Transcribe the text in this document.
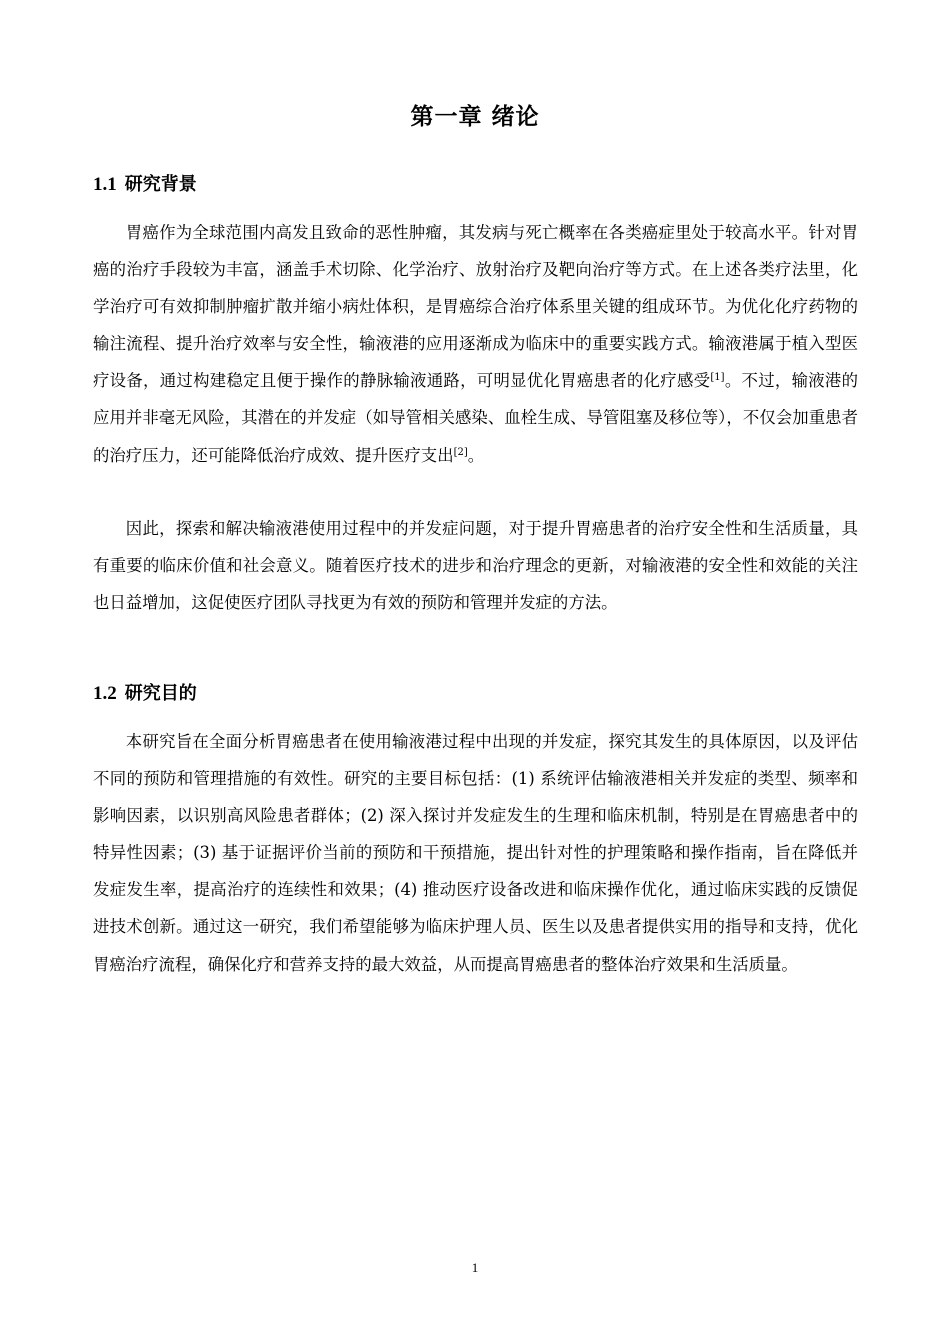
第一章 绪论
1.1 研究背景

胃癌作为全球范围内高发且致命的恶性肿瘤，其发病与死亡概率在各类癌症里处于较高水平。针对胃癌的治疗手段较为丰富，涵盖手术切除、化学治疗、放射治疗及靶向治疗等方式。在上述各类疗法里，化学治疗可有效抑制肿瘤扩散并缩小病灶体积，是胃癌综合治疗体系里关键的组成环节。为优化化疗药物的输注流程、提升治疗效率与安全性，输液港的应用逐渐成为临床中的重要实践方式。输液港属于植入型医疗设备，通过构建稳定且便于操作的静脉输液通路，可明显优化胃癌患者的化疗感受[1]。不过，输液港的应用并非毫无风险，其潜在的并发症（如导管相关感染、血栓生成、导管阻塞及移位等），不仅会加重患者的治疗压力，还可能降低治疗成效、提升医疗支出[2]。

因此，探索和解决输液港使用过程中的并发症问题，对于提升胃癌患者的治疗安全性和生活质量，具有重要的临床价值和社会意义。随着医疗技术的进步和治疗理念的更新，对输液港的安全性和效能的关注也日益增加，这促使医疗团队寻找更为有效的预防和管理并发症的方法。

1.2 研究目的

本研究旨在全面分析胃癌患者在使用输液港过程中出现的并发症，探究其发生的具体原因，以及评估不同的预防和管理措施的有效性。研究的主要目标包括：(1) 系统评估输液港相关并发症的类型、频率和影响因素，以识别高风险患者群体；(2) 深入探讨并发症发生的生理和临床机制，特别是在胃癌患者中的特异性因素；(3) 基于证据评价当前的预防和干预措施，提出针对性的护理策略和操作指南，旨在降低并发症发生率，提高治疗的连续性和效果；(4) 推动医疗设备改进和临床操作优化，通过临床实践的反馈促进技术创新。通过这一研究，我们希望能够为临床护理人员、医生以及患者提供实用的指导和支持，优化胃癌治疗流程，确保化疗和营养支持的最大效益，从而提高胃癌患者的整体治疗效果和生活质量。

1
